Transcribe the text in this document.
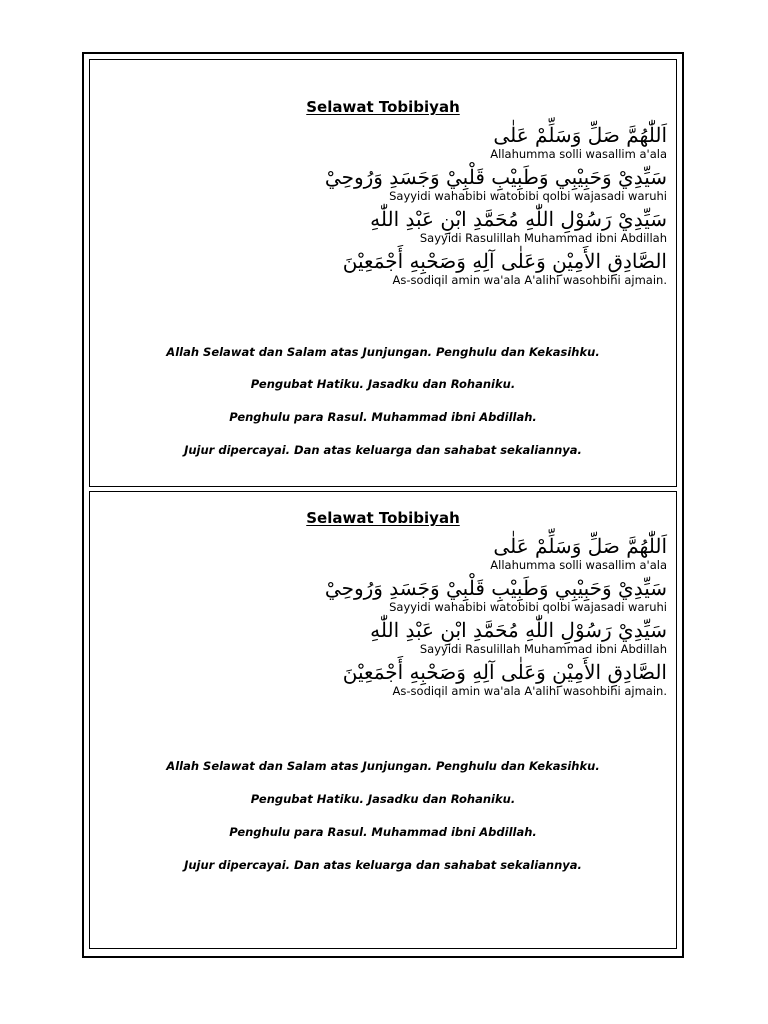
Selawat Tobibiyah
اَللّٰهُمَّ صَلِّ وَسَلِّمْ عَلٰى
Allahumma solli wasallim a'ala
سَيِّدِيْ وَحَبِيْبِي وَطَبِيْبِ قَلْبِيْ وَجَسَدِ وَرُوحِيْ
Sayyidi wahabibi watobibi qolbi wajasadi waruhi
سَيِّدِيْ رَسُوْلِ اللّٰهِ مُحَمَّدِ ابْنِ عَبْدِ اللّٰهِ
Sayyidi Rasulillah Muhammad ibni Abdillah
الصَّادِقِ الأَمِيْنِ وَعَلٰى آلِهِ وَصَحْبِهِ أَجْمَعِيْنَ
As-sodiqil amin wa'ala A'alihi wasohbihi ajmain.
Allah Selawat dan Salam atas Junjungan. Penghulu dan Kekasihku.
Pengubat Hatiku. Jasadku dan Rohaniku.
Penghulu para Rasul. Muhammad ibni Abdillah.
Jujur dipercayai. Dan atas keluarga dan sahabat sekaliannya.
Selawat Tobibiyah
اَللّٰهُمَّ صَلِّ وَسَلِّمْ عَلٰى
Allahumma solli wasallim a'ala
سَيِّدِيْ وَحَبِيْبِي وَطَبِيْبِ قَلْبِيْ وَجَسَدِ وَرُوحِيْ
Sayyidi wahabibi watobibi qolbi wajasadi waruhi
سَيِّدِيْ رَسُوْلِ اللّٰهِ مُحَمَّدِ ابْنِ عَبْدِ اللّٰهِ
Sayyidi Rasulillah Muhammad ibni Abdillah
الصَّادِقِ الأَمِيْنِ وَعَلٰى آلِهِ وَصَحْبِهِ أَجْمَعِيْنَ
As-sodiqil amin wa'ala A'alihi wasohbihi ajmain.
Allah Selawat dan Salam atas Junjungan. Penghulu dan Kekasihku.
Pengubat Hatiku. Jasadku dan Rohaniku.
Penghulu para Rasul. Muhammad ibni Abdillah.
Jujur dipercayai. Dan atas keluarga dan sahabat sekaliannya.
